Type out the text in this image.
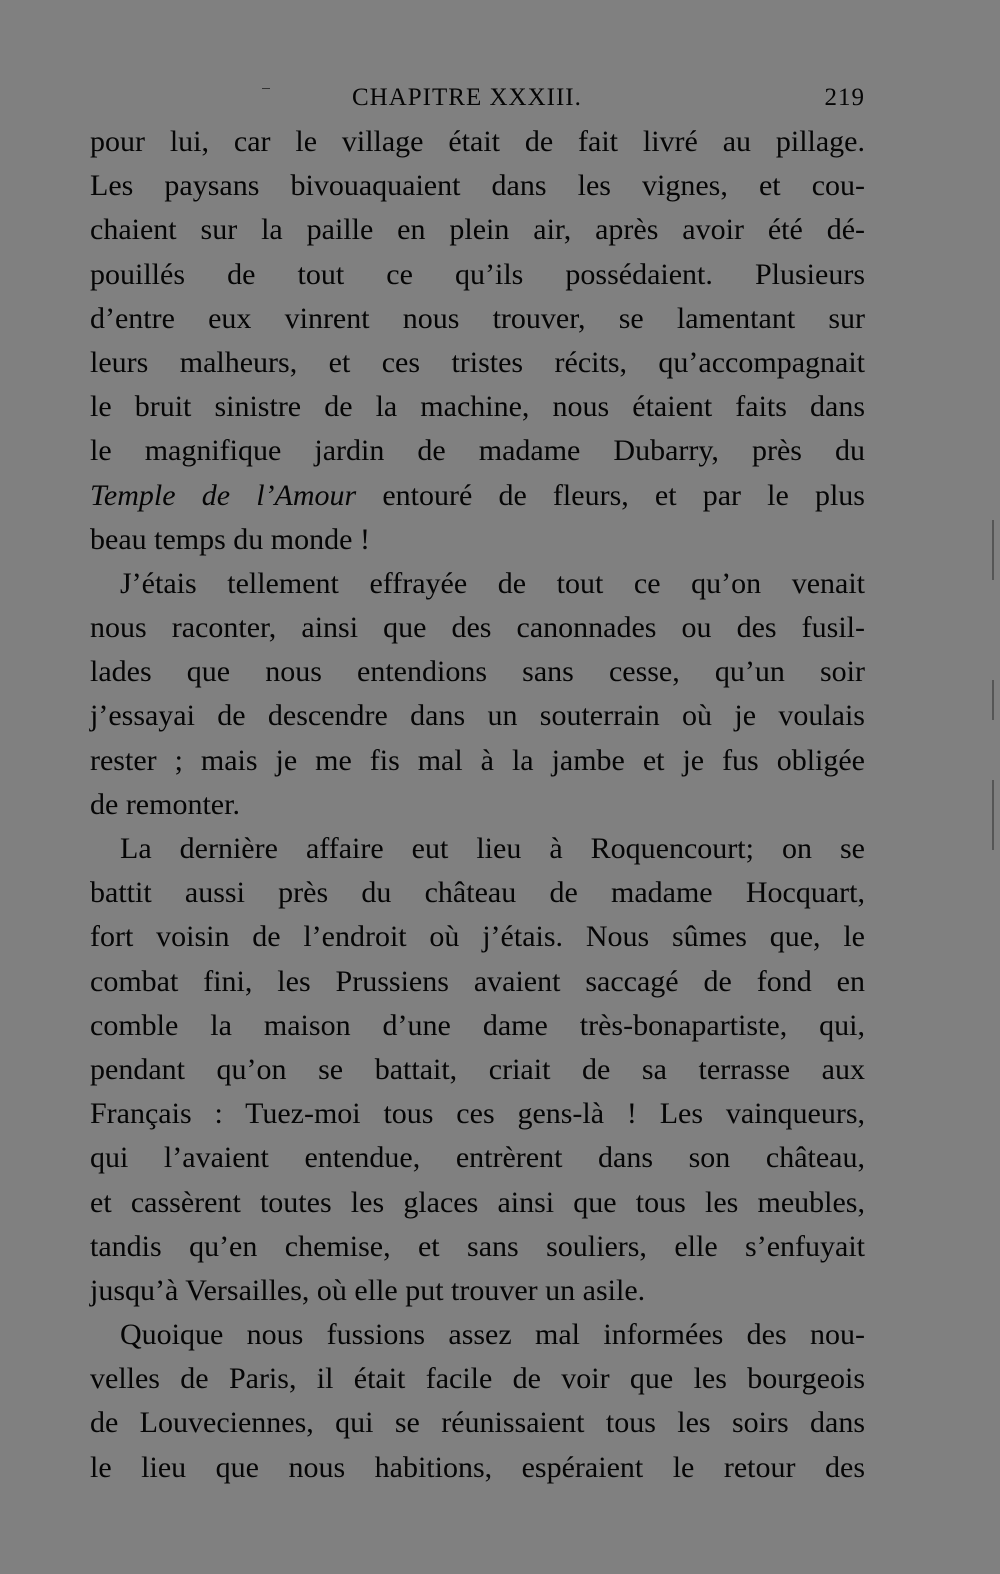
CHAPITRE XXXIII.	219
pour lui, car le village était de fait livré au pillage.
Les paysans bivouaquaient dans les vignes, et cou-
chaient sur la paille en plein air, après avoir été dé-
pouillés de tout ce qu’ils possédaient. Plusieurs
d’entre eux vinrent nous trouver, se lamentant sur
leurs malheurs, et ces tristes récits, qu’accompagnait
le bruit sinistre de la machine, nous étaient faits dans
le magnifique jardin de madame Dubarry, près du
Temple de l’Amour entouré de fleurs, et par le plus
beau temps du monde !
J’étais tellement effrayée de tout ce qu’on venait
nous raconter, ainsi que des canonnades ou des fusil-
lades que nous entendions sans cesse, qu’un soir
j’essayai de descendre dans un souterrain où je voulais
rester ; mais je me fis mal à la jambe et je fus obligée
de remonter.
La dernière affaire eut lieu à Roquencourt; on se
battit aussi près du château de madame Hocquart,
fort voisin de l’endroit où j’étais. Nous sûmes que, le
combat fini, les Prussiens avaient saccagé de fond en
comble la maison d’une dame très-bonapartiste, qui,
pendant qu’on se battait, criait de sa terrasse aux
Français : Tuez-moi tous ces gens-là ! Les vainqueurs,
qui l’avaient entendue, entrèrent dans son château,
et cassèrent toutes les glaces ainsi que tous les meubles,
tandis qu’en chemise, et sans souliers, elle s’enfuyait
jusqu’à Versailles, où elle put trouver un asile.
Quoique nous fussions assez mal informées des nou-
velles de Paris, il était facile de voir que les bourgeois
de Louveciennes, qui se réunissaient tous les soirs dans
le lieu que nous habitions, espéraient le retour des
